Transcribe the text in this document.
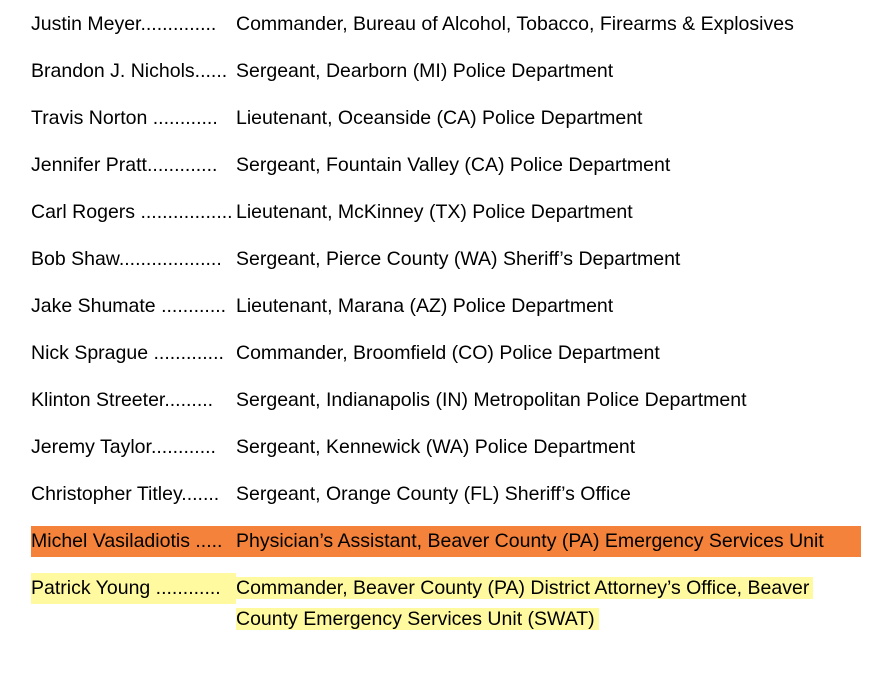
Justin Meyer..............	Commander, Bureau of Alcohol, Tobacco, Firearms & Explosives
Brandon J. Nichols...... Sergeant, Dearborn (MI) Police Department
Travis Norton ............ Lieutenant, Oceanside (CA) Police Department
Jennifer Pratt............. Sergeant, Fountain Valley (CA) Police Department
Carl Rogers ................. Lieutenant, McKinney (TX) Police Department
Bob Shaw................... Sergeant, Pierce County (WA) Sheriff’s Department
Jake Shumate ............ Lieutenant, Marana (AZ) Police Department
Nick Sprague ............. Commander, Broomfield (CO) Police Department
Klinton Streeter.........	Sergeant, Indianapolis (IN) Metropolitan Police Department
Jeremy Taylor............	Sergeant, Kennewick (WA) Police Department
Christopher Titley....... Sergeant, Orange County (FL) Sheriff’s Office
Michel Vasiladiotis ..... Physician’s Assistant, Beaver County (PA) Emergency Services Unit
Patrick Young ............ Commander, Beaver County (PA) District Attorney’s Office, Beaver County Emergency Services Unit (SWAT)
